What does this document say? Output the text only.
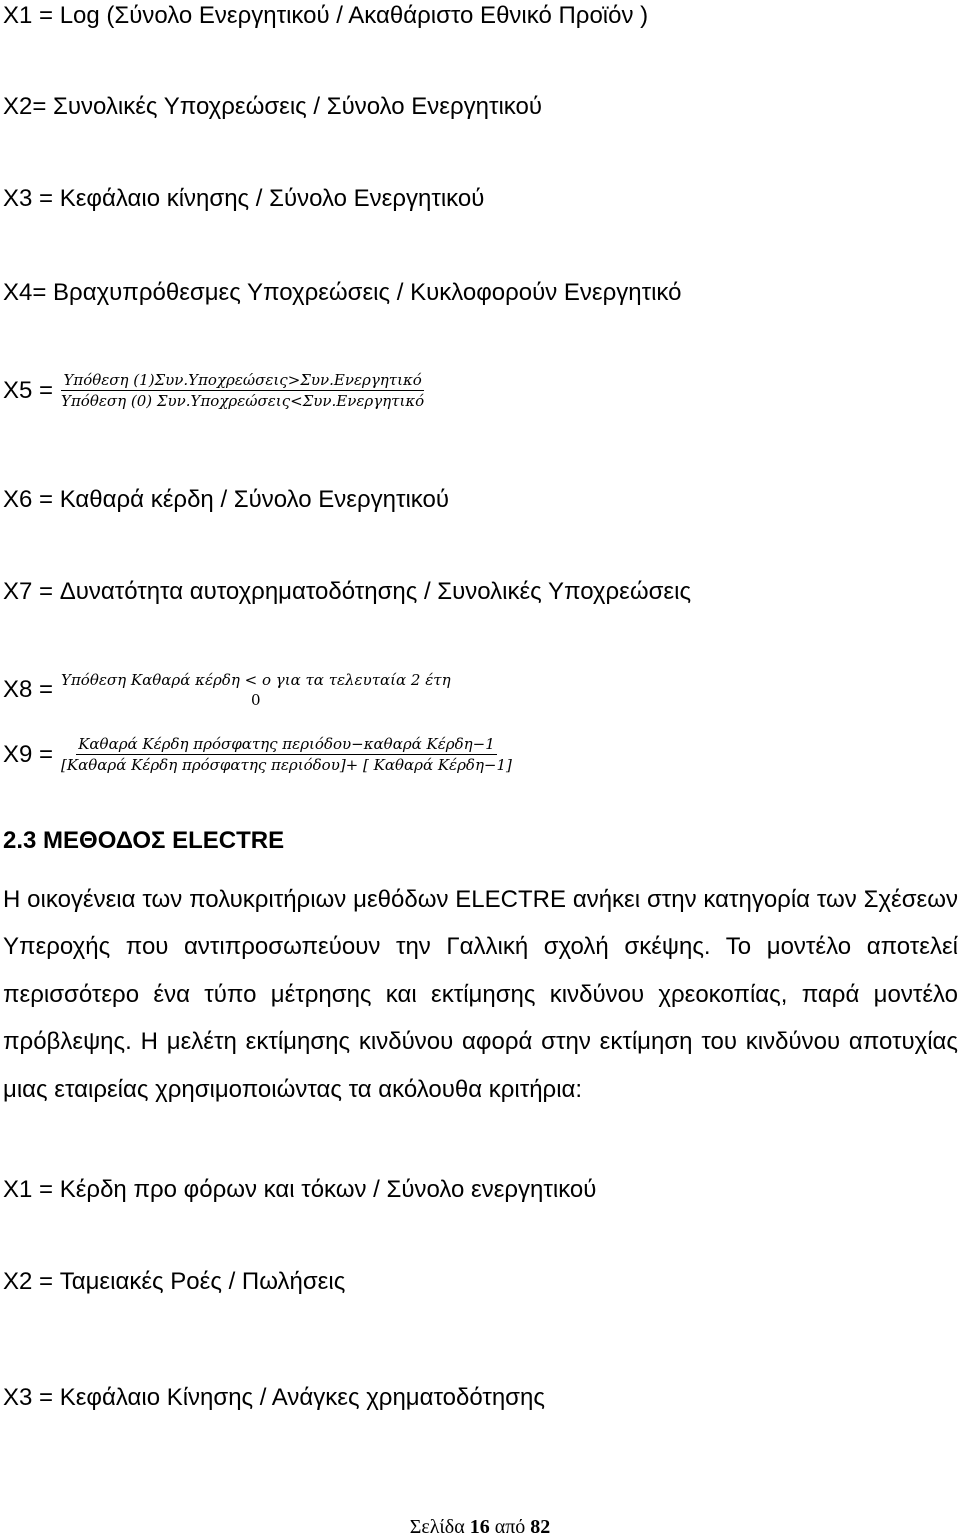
X1 = Log (Σύνολο Ενεργητικού / Ακαθάριστο Εθνικό Προϊόν )
X2= Συνολικές Υποχρεώσεις / Σύνολο Ενεργητικού
X3 = Κεφάλαιο κίνησης / Σύνολο Ενεργητικού
X4= Βραχυπρόθεσμες Υποχρεώσεις / Κυκλοφορούν Ενεργητικό
$X5 = \frac{\text{Υπόθεση (1)Συν.Υποχρεώσεις>Συν.Ενεργητικό}}{\text{Υπόθεση (0) Συν.Υποχρεώσεις<Συν.Ενεργητικό}}$
X6 = Καθαρά κέρδη / Σύνολο Ενεργητικού
X7 = Δυνατότητα αυτοχρηματοδότησης / Συνολικές Υποχρεώσεις
X8 = Υπόθεση Καθαρά κέρδη < ο για τα τελευταία 2 έτη
0
$X9 = \frac{\text{Καθαρά Κέρδη πρόσφατης περιόδου−καθαρά Κέρδη−1}}{\text{[Καθαρά Κέρδη πρόσφατης περιόδου]+ [ Καθαρά Κέρδη−1]}}$
2.3 ΜΕΘΟΔΟΣ ELECTRE

Η οικογένεια των πολυκριτήριων μεθόδων ELECTRE ανήκει στην κατηγορία των Σχέσεων Υπεροχής που αντιπροσωπεύουν την Γαλλική σχολή σκέψης. Το μοντέλο αποτελεί περισσότερο ένα τύπο μέτρησης και εκτίμησης κινδύνου χρεοκοπίας, παρά μοντέλο πρόβλεψης. Η μελέτη εκτίμησης κινδύνου αφορά στην εκτίμηση του κινδύνου αποτυχίας μιας εταιρείας χρησιμοποιώντας τα ακόλουθα κριτήρια:

X1 = Κέρδη προ φόρων και τόκων / Σύνολο ενεργητικού
X2 = Ταμειακές Ροές / Πωλήσεις
X3 = Κεφάλαιο Κίνησης / Ανάγκες χρηματοδότησης
Σελίδα 16 από 82
